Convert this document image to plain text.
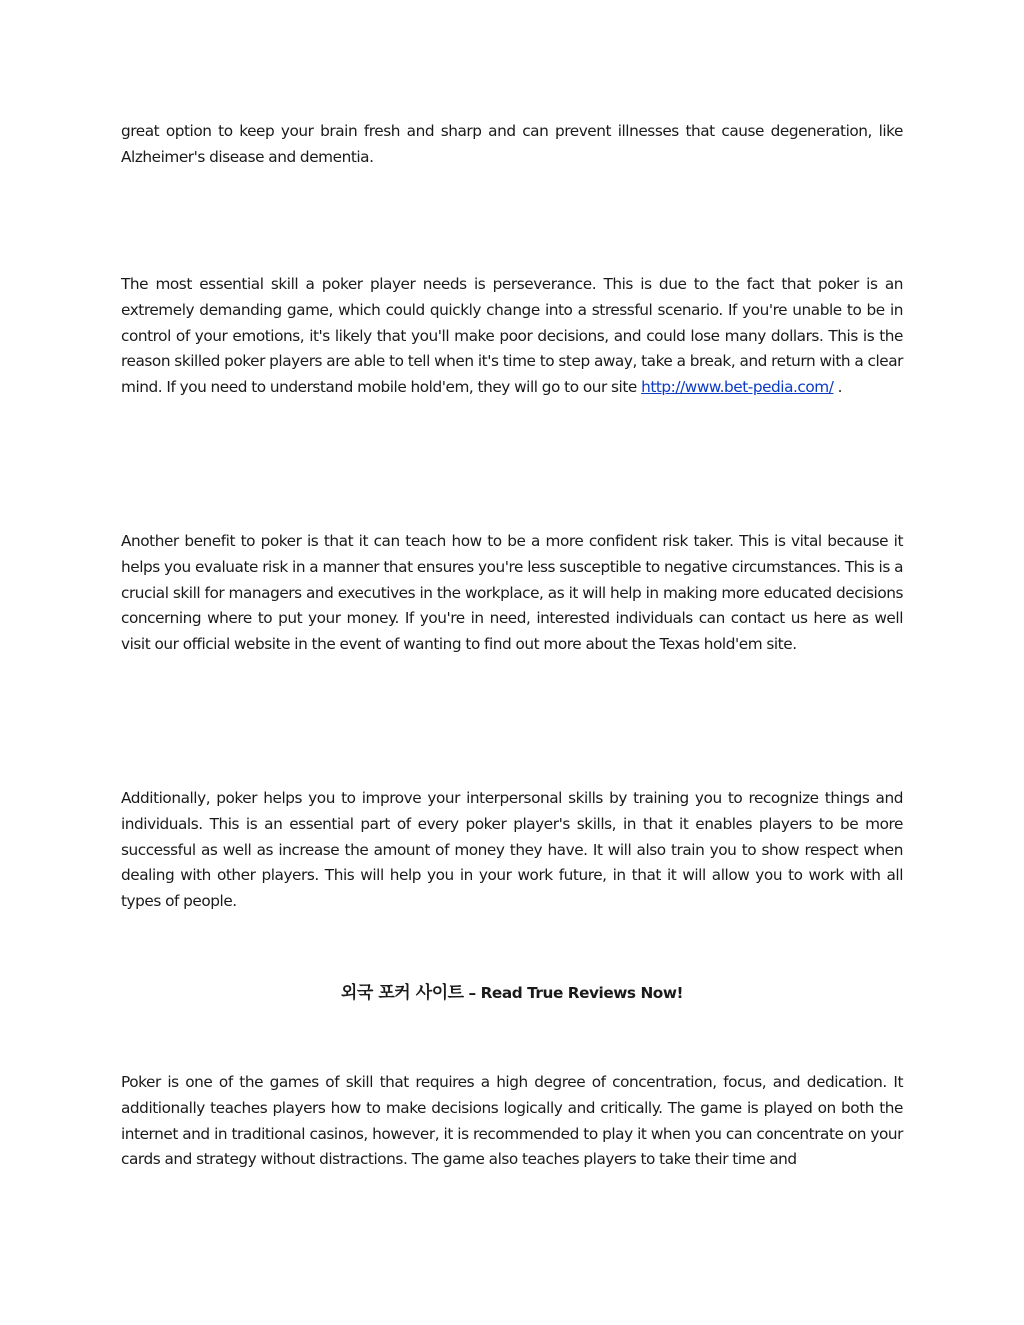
great option to keep your brain fresh and sharp and can prevent illnesses that cause degeneration, like Alzheimer's disease and dementia.

The most essential skill a poker player needs is perseverance. This is due to the fact that poker is an extremely demanding game, which could quickly change into a stressful scenario. If you're unable to be in control of your emotions, it's likely that you'll make poor decisions, and could lose many dollars. This is the reason skilled poker players are able to tell when it's time to step away, take a break, and return with a clear mind. If you need to understand mobile hold'em, they will go to our site http://www.bet-pedia.com/ .

Another benefit to poker is that it can teach how to be a more confident risk taker. This is vital because it helps you evaluate risk in a manner that ensures you're less susceptible to negative circumstances. This is a crucial skill for managers and executives in the workplace, as it will help in making more educated decisions concerning where to put your money. If you're in need, interested individuals can contact us here as well visit our official website in the event of wanting to find out more about the Texas hold'em site.

Additionally, poker helps you to improve your interpersonal skills by training you to recognize things and individuals. This is an essential part of every poker player's skills, in that it enables players to be more successful as well as increase the amount of money they have. It will also train you to show respect when dealing with other players. This will help you in your work future, in that it will allow you to work with all types of people.

외국 포커 사이트 – Read True Reviews Now!

Poker is one of the games of skill that requires a high degree of concentration, focus, and dedication. It additionally teaches players how to make decisions logically and critically. The game is played on both the internet and in traditional casinos, however, it is recommended to play it when you can concentrate on your cards and strategy without distractions. The game also teaches players to take their time and
